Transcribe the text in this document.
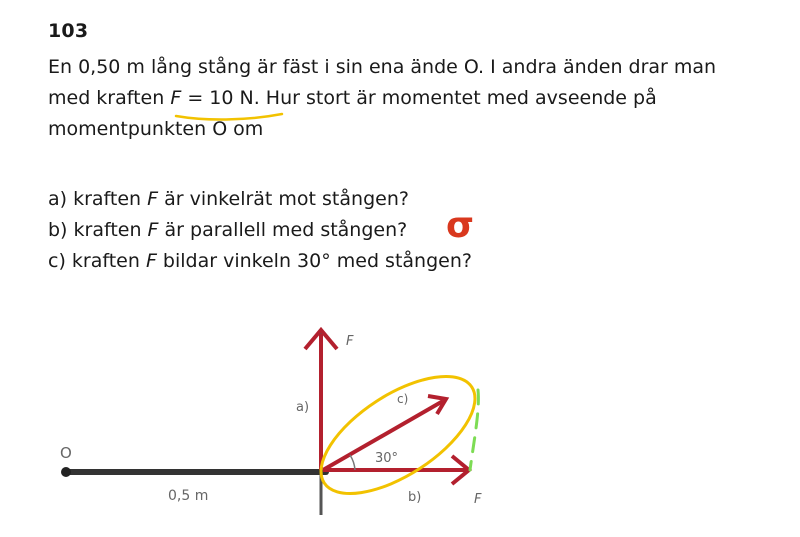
103
En 0,50 m lång stång är fäst i sin ena ände O. I andra änden drar man
med kraften F = 10 N. Hur stort är momentet med avseende på
momentpunkten O om
a) kraften F är vinkelrät mot stången?
b) kraften F är parallell med stången?
c) kraften F bildar vinkeln 30° med stången?
σ
O
0,5 m
F
a)
b)	F
c)
30°
